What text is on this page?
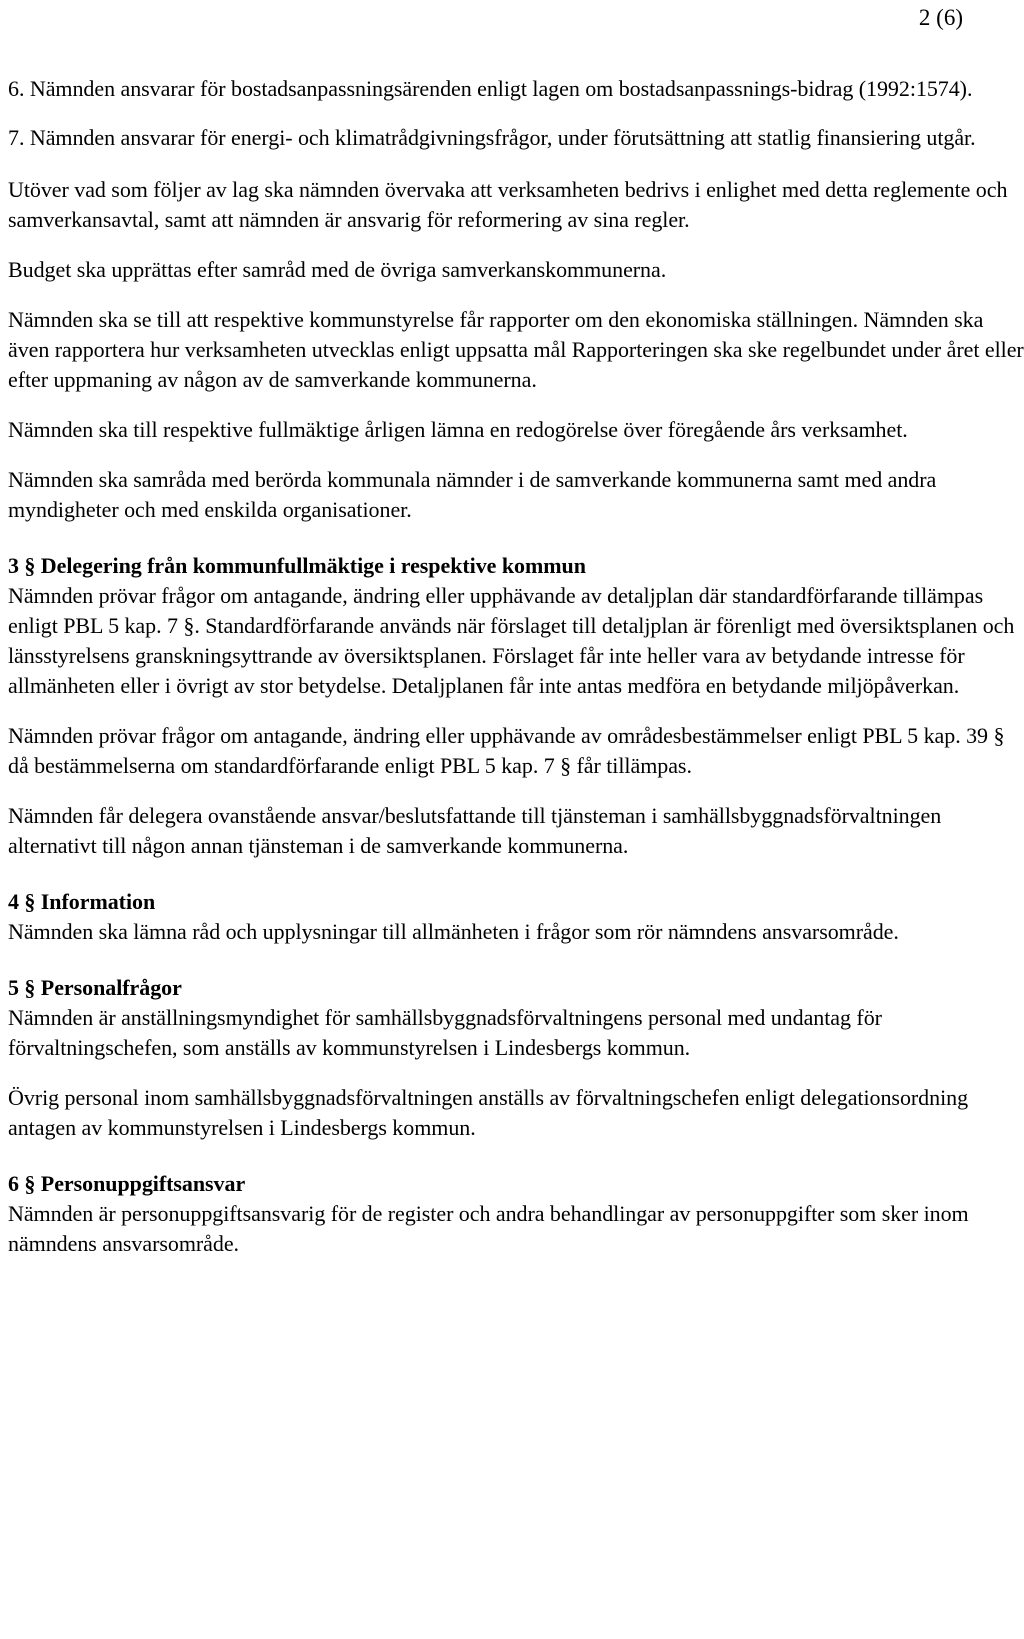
2 (6)

6. Nämnden ansvarar för bostadsanpassningsärenden enligt lagen om bostadsanpassnings-bidrag (1992:1574).

7. Nämnden ansvarar för energi- och klimatrådgivningsfrågor, under förutsättning att statlig finansiering utgår.

Utöver vad som följer av lag ska nämnden övervaka att verksamheten bedrivs i enlighet med detta reglemente och samverkansavtal, samt att nämnden är ansvarig för reformering av sina regler.

Budget ska upprättas efter samråd med de övriga samverkanskommunerna.

Nämnden ska se till att respektive kommunstyrelse får rapporter om den ekonomiska ställningen. Nämnden ska även rapportera hur verksamheten utvecklas enligt uppsatta mål Rapporteringen ska ske regelbundet under året eller efter uppmaning av någon av de samverkande kommunerna.

Nämnden ska till respektive fullmäktige årligen lämna en redogörelse över föregående års verksamhet.

Nämnden ska samråda med berörda kommunala nämnder i de samverkande kommunerna samt med andra myndigheter och med enskilda organisationer.

3 § Delegering från kommunfullmäktige i respektive kommun

Nämnden prövar frågor om antagande, ändring eller upphävande av detaljplan där standardförfarande tillämpas enligt PBL 5 kap. 7 §. Standardförfarande används när förslaget till detaljplan är förenligt med översiktsplanen och länsstyrelsens granskningsyttrande av översiktsplanen. Förslaget får inte heller vara av betydande intresse för allmänheten eller i övrigt av stor betydelse. Detaljplanen får inte antas medföra en betydande miljöpåverkan.

Nämnden prövar frågor om antagande, ändring eller upphävande av områdesbestämmelser enligt PBL 5 kap. 39 § då bestämmelserna om standardförfarande enligt PBL 5 kap. 7 § får tillämpas.

Nämnden får delegera ovanstående ansvar/beslutsfattande till tjänsteman i samhällsbyggnadsförvaltningen alternativt till någon annan tjänsteman i de samverkande kommunerna.

4 § Information

Nämnden ska lämna råd och upplysningar till allmänheten i frågor som rör nämndens ansvarsområde.

5 § Personalfrågor

Nämnden är anställningsmyndighet för samhällsbyggnadsförvaltningens personal med undantag för förvaltningschefen, som anställs av kommunstyrelsen i Lindesbergs kommun.

Övrig personal inom samhällsbyggnadsförvaltningen anställs av förvaltningschefen enligt delegationsordning antagen av kommunstyrelsen i Lindesbergs kommun.

6 § Personuppgiftsansvar

Nämnden är personuppgiftsansvarig för de register och andra behandlingar av personuppgifter som sker inom nämndens ansvarsområde.
